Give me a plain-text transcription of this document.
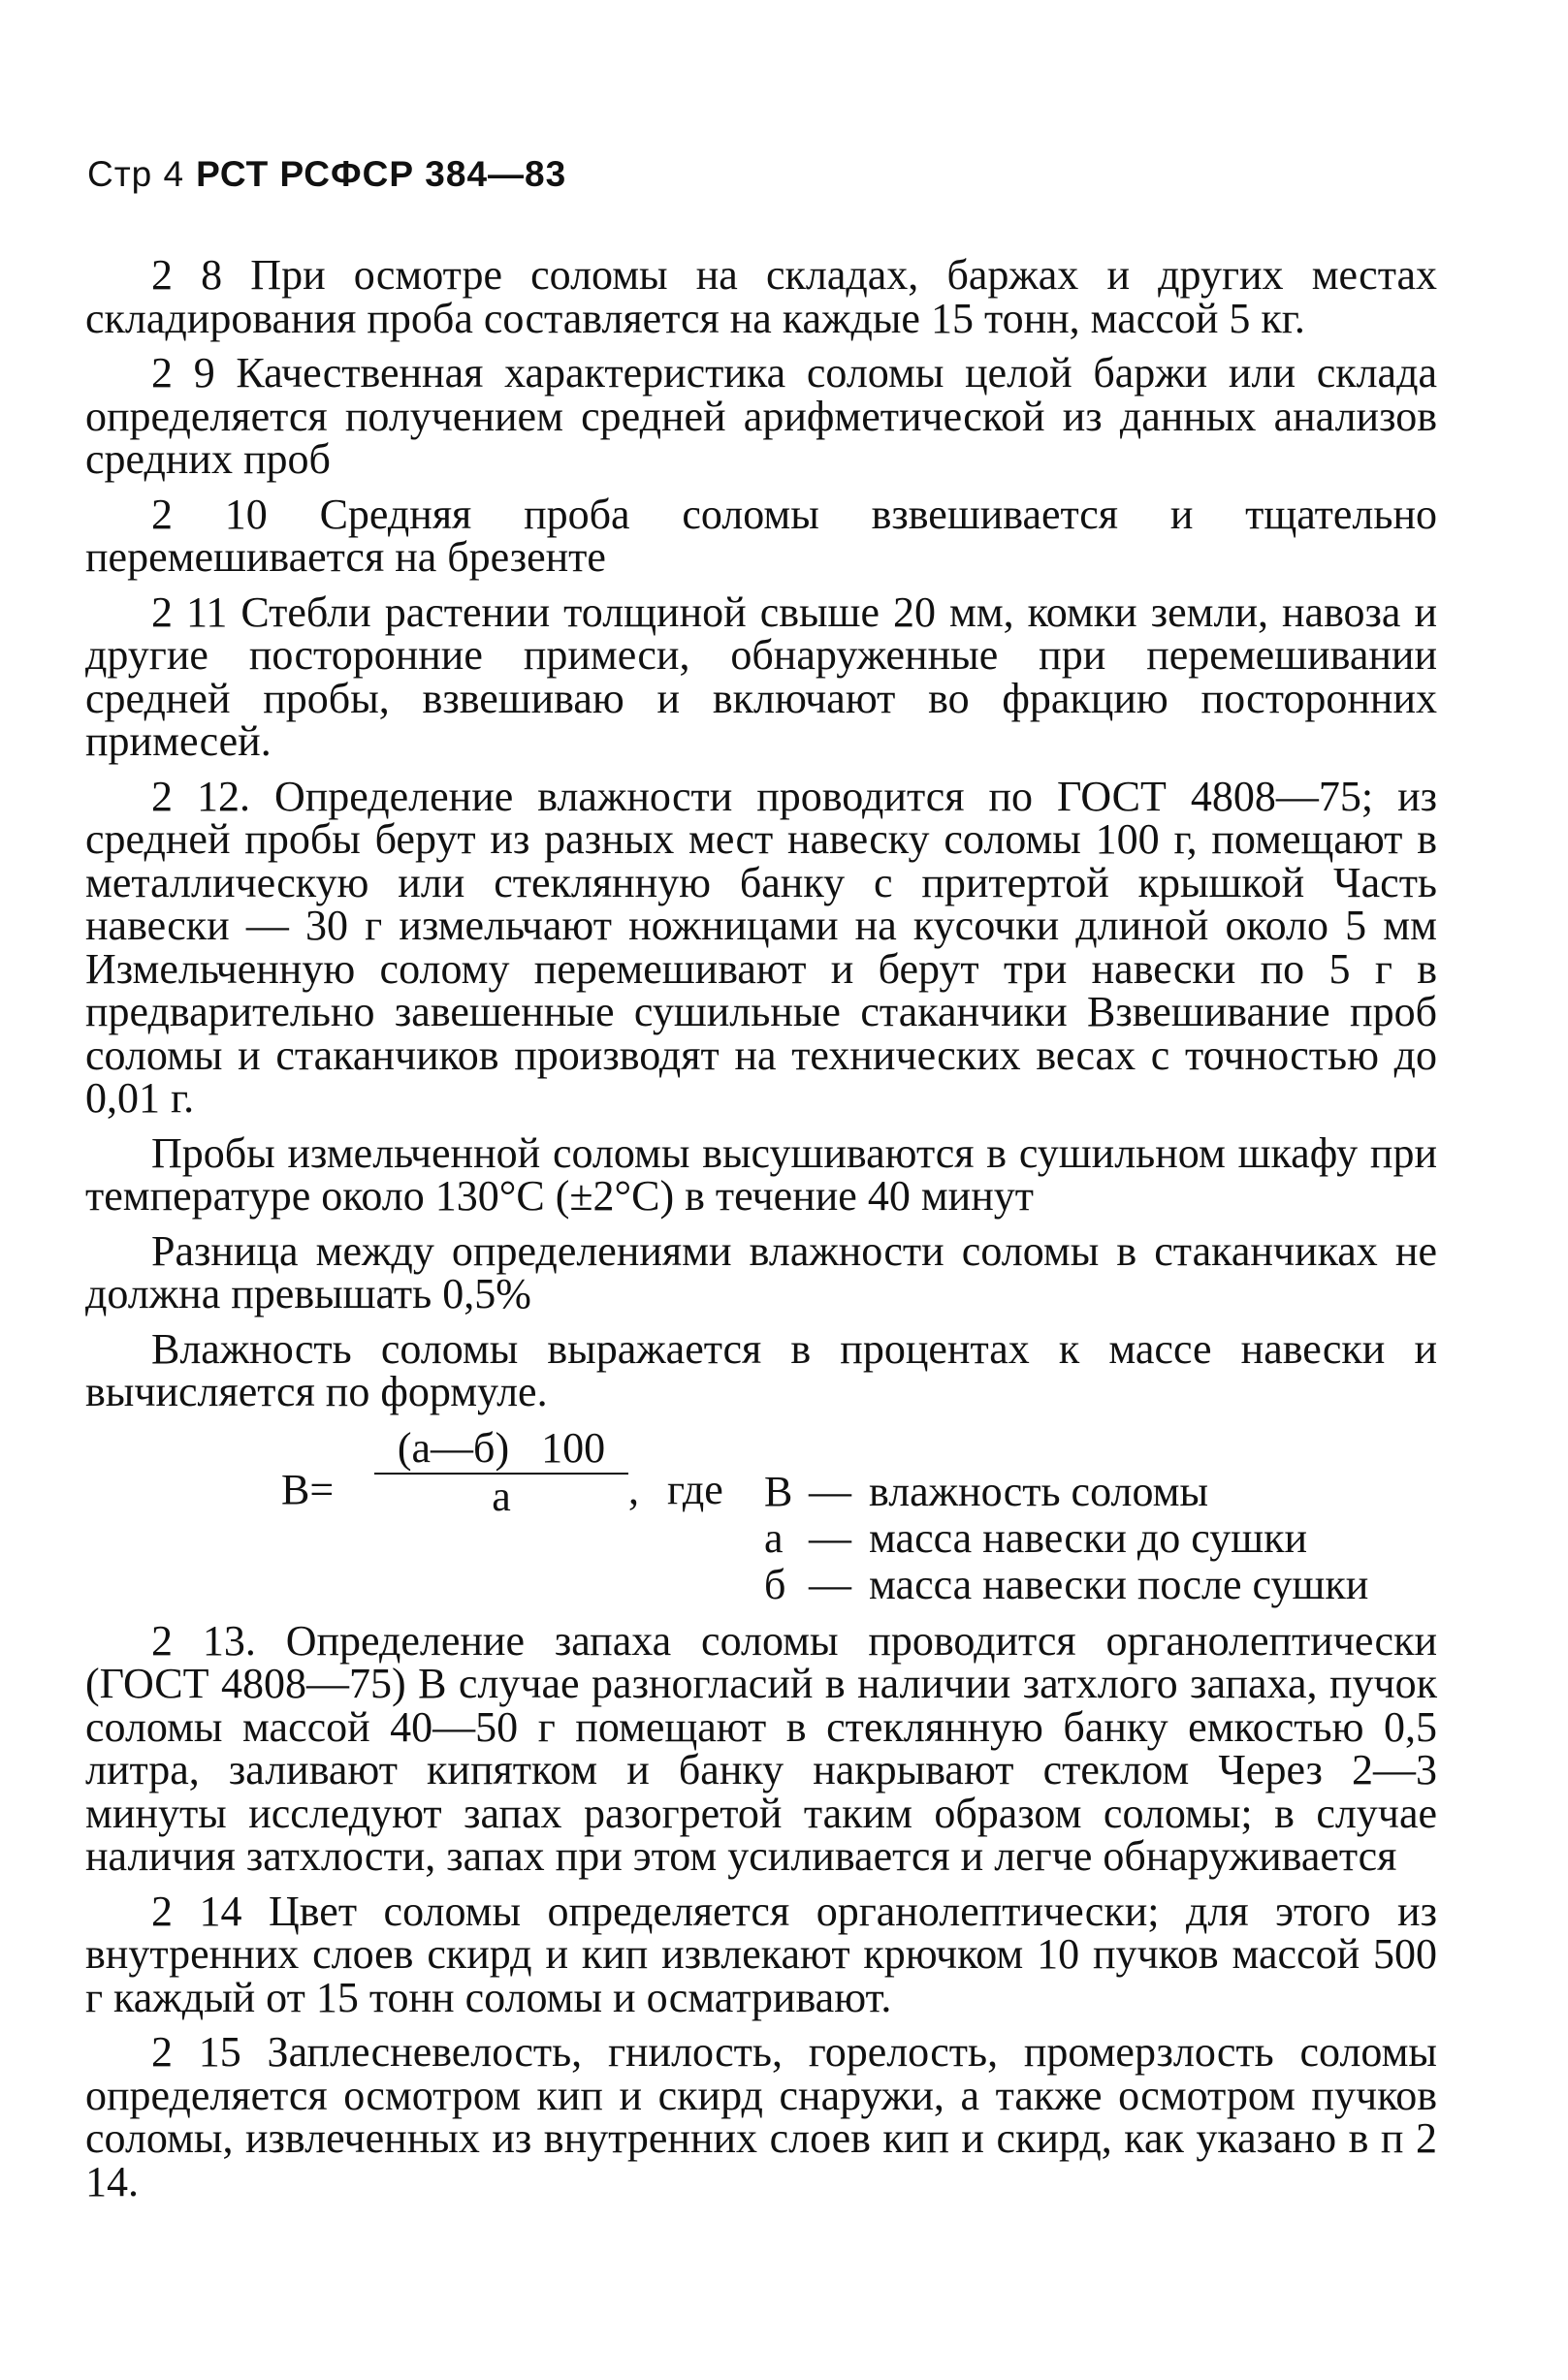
Стр 4 РСТ РСФСР 384—83

2 8 При осмотре соломы на складах, баржах и других местах складирования проба составляется на каждые 15 тонн, массой 5 кг.

2 9 Качественная характеристика соломы целой баржи или склада определяется получением средней арифметической из данных анализов средних проб

2 10 Средняя проба соломы взвешивается и тщательно перемешивается на брезенте

2 11 Стебли растении толщиной свыше 20 мм, комки земли, навоза и другие посторонние примеси, обнаруженные при перемешивании средней пробы, взвешиваю и включают во фракцию посторонних примесей.

2 12. Определение влажности проводится по ГОСТ 4808—75; из средней пробы берут из разных мест навеску соломы 100 г, помещают в металлическую или стеклянную банку с притертой крышкой Часть навески — 30 г измельчают ножницами на кусочки длиной около 5 мм Измельченную солому перемешивают и берут три навески по 5 г в предварительно завешенные сушильные стаканчики Взвешивание проб соломы и стаканчиков производят на технических весах с точностью до 0,01 г.

Пробы измельченной соломы высушиваются в сушильном шкафу при температуре около 130°С (±2°С) в течение 40 минут

Разница между определениями влажности соломы в стаканчиках не должна превышать 0,5%

Влажность соломы выражается в процентах к массе навески и вычисляется по формуле.

В=
(а—б)   100
а	, где В — влажность соломы
а — масса навески до сушки
б — масса навески после сушки

2 13. Определение запаха соломы проводится органолептически (ГОСТ 4808—75) В случае разногласий в наличии затхлого запаха, пучок соломы массой 40—50 г помещают в стеклянную банку емкостью 0,5 литра, заливают кипятком и банку накрывают стеклом Через 2—3 минуты исследуют запах разогретой таким образом соломы; в случае наличия затхлости, запах при этом усиливается и легче обнаруживается

2 14 Цвет соломы определяется органолептически; для этого из внутренних слоев скирд и кип извлекают крючком 10 пучков массой 500 г каждый от 15 тонн соломы и осматривают.

2 15 Заплесневелость, гнилость, горелость, промерзлость соломы определяется осмотром кип и скирд снаружи, а также осмотром пучков соломы, извлеченных из внутренних слоев кип и скирд, как указано в п 2 14.
